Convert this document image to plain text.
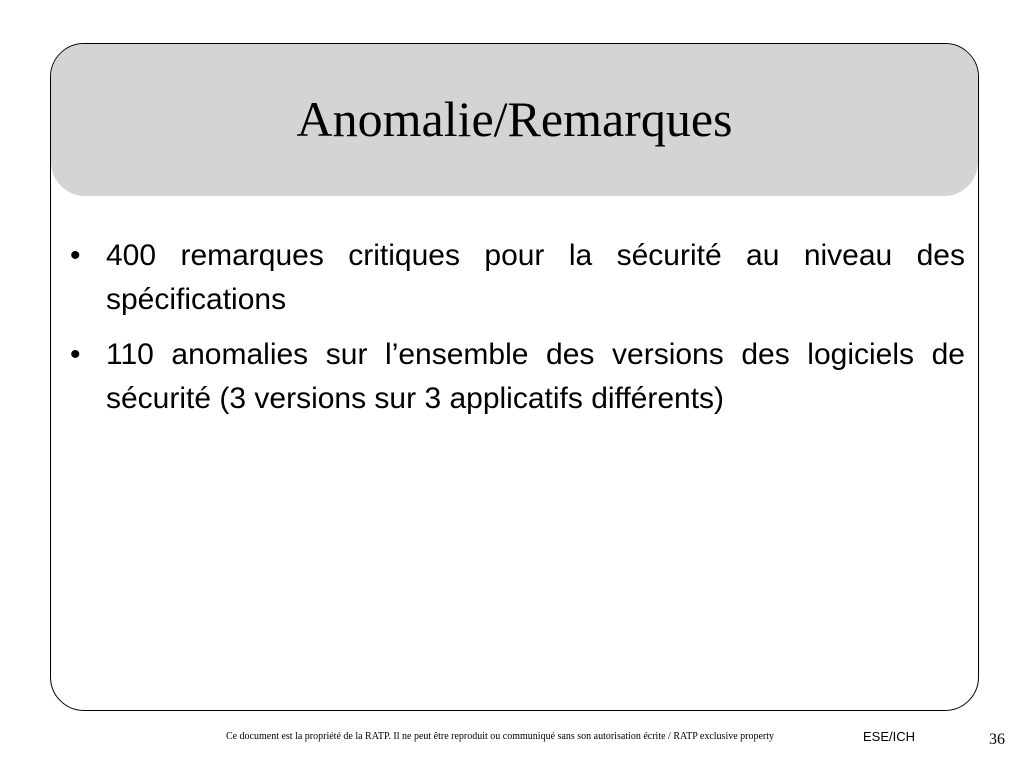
Anomalie/Remarques
• 400 remarques critiques pour la sécurité au niveau des spécifications
• 110 anomalies sur l’ensemble des versions des logiciels de sécurité (3 versions sur 3 applicatifs différents)
Ce document est la propriété de la RATP. Il ne peut être reproduit ou communiqué sans son autorisation écrite / RATP exclusive property	ESE/ICH	36
